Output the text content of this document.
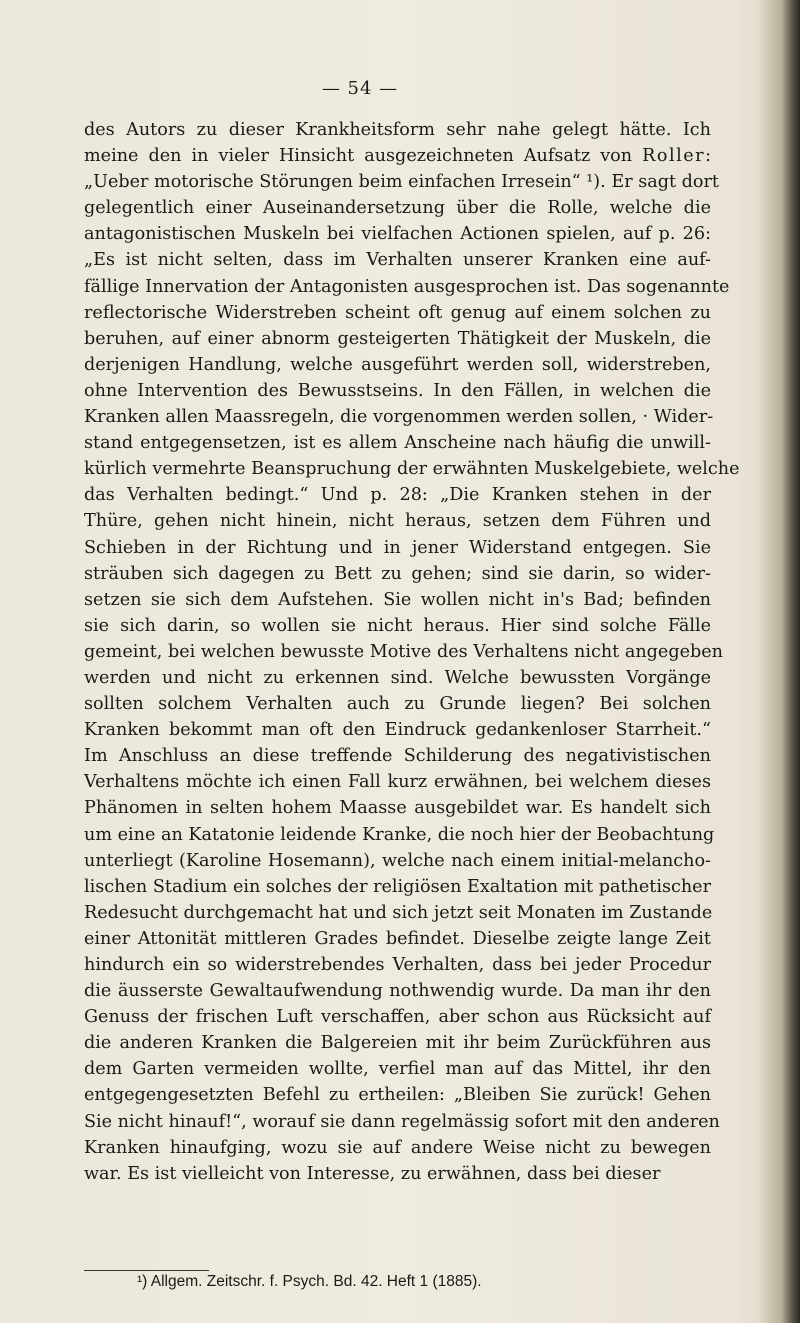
— 54 —
des Autors zu dieser Krankheitsform sehr nahe gelegt hätte. Ich
meine den in vieler Hinsicht ausgezeichneten Aufsatz von Roller:
„Ueber motorische Störungen beim einfachen Irresein“ ¹). Er sagt dort
gelegentlich einer Auseinandersetzung über die Rolle, welche die
antagonistischen Muskeln bei vielfachen Actionen spielen, auf p. 26:
„Es ist nicht selten, dass im Verhalten unserer Kranken eine auf-
fällige Innervation der Antagonisten ausgesprochen ist. Das sogenannte
reflectorische Widerstreben scheint oft genug auf einem solchen zu
beruhen, auf einer abnorm gesteigerten Thätigkeit der Muskeln, die
derjenigen Handlung, welche ausgeführt werden soll, widerstreben,
ohne Intervention des Bewusstseins. In den Fällen, in welchen die
Kranken allen Maassregeln, die vorgenommen werden sollen, · Wider-
stand entgegensetzen, ist es allem Anscheine nach häufig die unwill-
kürlich vermehrte Beanspruchung der erwähnten Muskelgebiete, welche
das Verhalten bedingt.“ Und p. 28: „Die Kranken stehen in der
Thüre, gehen nicht hinein, nicht heraus, setzen dem Führen und
Schieben in der Richtung und in jener Widerstand entgegen. Sie
sträuben sich dagegen zu Bett zu gehen; sind sie darin, so wider-
setzen sie sich dem Aufstehen. Sie wollen nicht in's Bad; befinden
sie sich darin, so wollen sie nicht heraus. Hier sind solche Fälle
gemeint, bei welchen bewusste Motive des Verhaltens nicht angegeben
werden und nicht zu erkennen sind. Welche bewussten Vorgänge
sollten solchem Verhalten auch zu Grunde liegen? Bei solchen
Kranken bekommt man oft den Eindruck gedankenloser Starrheit.“
Im Anschluss an diese treffende Schilderung des negativistischen
Verhaltens möchte ich einen Fall kurz erwähnen, bei welchem dieses
Phänomen in selten hohem Maasse ausgebildet war. Es handelt sich
um eine an Katatonie leidende Kranke, die noch hier der Beobachtung
unterliegt (Karoline Hosemann), welche nach einem initial-melancho-
lischen Stadium ein solches der religiösen Exaltation mit pathetischer
Redesucht durchgemacht hat und sich jetzt seit Monaten im Zustande
einer Attonität mittleren Grades befindet. Dieselbe zeigte lange Zeit
hindurch ein so widerstrebendes Verhalten, dass bei jeder Procedur
die äusserste Gewaltaufwendung nothwendig wurde. Da man ihr den
Genuss der frischen Luft verschaffen, aber schon aus Rücksicht auf
die anderen Kranken die Balgereien mit ihr beim Zurückführen aus
dem Garten vermeiden wollte, verfiel man auf das Mittel, ihr den
entgegengesetzten Befehl zu ertheilen: „Bleiben Sie zurück! Gehen
Sie nicht hinauf!“, worauf sie dann regelmässig sofort mit den anderen
Kranken hinaufging, wozu sie auf andere Weise nicht zu bewegen
war. Es ist vielleicht von Interesse, zu erwähnen, dass bei dieser
¹) Allgem. Zeitschr. f. Psych. Bd. 42. Heft 1 (1885).
